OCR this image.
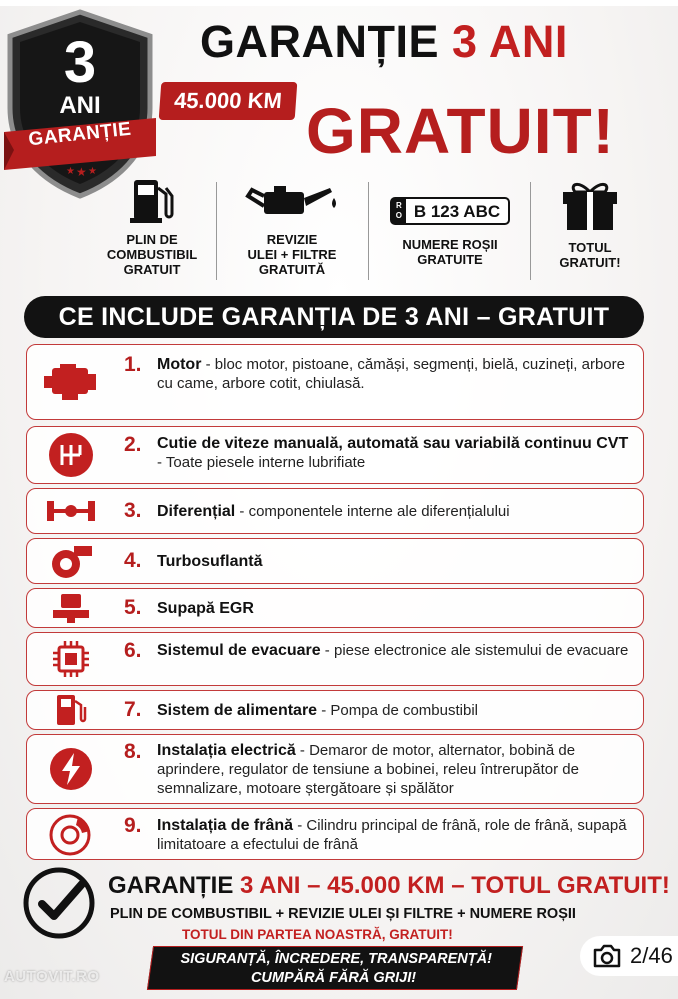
★ ★ ★
3
ANI
GARANȚIE
GARANȚIE 3 ANI
45.000 KM GRATUIT!
PLIN DE
COMBUSTIBIL
GRATUIT
REVIZIE
ULEI + FILTRE
GRATUITĂ
R O B 123 ABC
NUMERE ROȘII
GRATUITE
TOTUL
GRATUIT!
CE INCLUDE GARANȚIA DE 3 ANI – GRATUIT
1. Motor - bloc motor, pistoane, cămăși, segmenți, bielă, cuzineți, arbore cu came, arbore cotit, chiulasă.
2. Cutie de viteze manuală, automată sau variabilă continuu CVT - Toate piesele interne lubrifiate
3. Diferențial - componentele interne ale diferențialului
4. Turbosuflantă
5. Supapă EGR
6. Sistemul de evacuare - piese electronice ale sistemului de evacuare
7. Sistem de alimentare - Pompa de combustibil
8. Instalația electrică - Demaror de motor, alternator, bobină de aprindere, regulator de tensiune a bobinei, releu întrerupător de semnalizare, motoare ștergătoare și spălător
9. Instalația de frână - Cilindru principal de frână, role de frână, supapă limitatoare a efectului de frână
GARANȚIE 3 ANI – 45.000 KM – TOTUL GRATUIT!
PLIN DE COMBUSTIBIL + REVIZIE ULEI ȘI FILTRE + NUMERE ROȘII
TOTUL DIN PARTEA NOASTRĂ, GRATUIT!
SIGURANȚĂ, ÎNCREDERE, TRANSPARENȚĂ!
CUMPĂRĂ FĂRĂ GRIJI!
AUTOVIT.RO
2/46
